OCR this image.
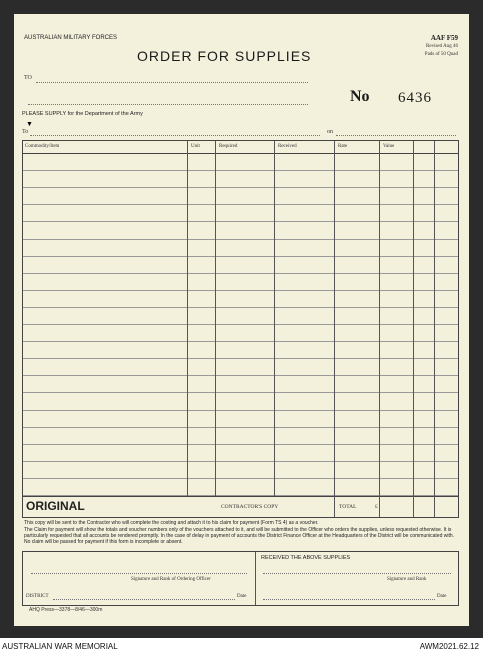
AUSTRALIAN MILITARY FORCES
ORDER FOR SUPPLIES
AAF F59
Revised Aug 46
Pads of 50 Quad
TO
No 6436
PLEASE SUPPLY for the Department of the Army
▼
To	on
Commodity/Item	Unit	Required	Received	Rate	Value
ORIGINAL	CONTRACTOR'S COPY	TOTAL	£
This copy will be sent to the Contractor who will complete the costing and attach it to his claim for payment (Form TS 4) as a voucher.
The Claim for payment will show the totals and voucher numbers only of the vouchers attached to it, and will be submitted to the Officer who orders the supplies, unless requested otherwise. It is particularly requested that all accounts be rendered promptly. In the case of delay in payment of accounts the District Finance Officer at the Headquarters of the District will be communicated with. No claim will be passed for payment if this form is incomplete or absent.
RECEIVED THE ABOVE SUPPLIES
Signature and Rank of Ordering Officer	Signature and Rank
DISTRICT	Date	Date
AHQ Press—3378—8/46—300m
AUSTRALIAN WAR MEMORIAL	AWM2021.62.12
